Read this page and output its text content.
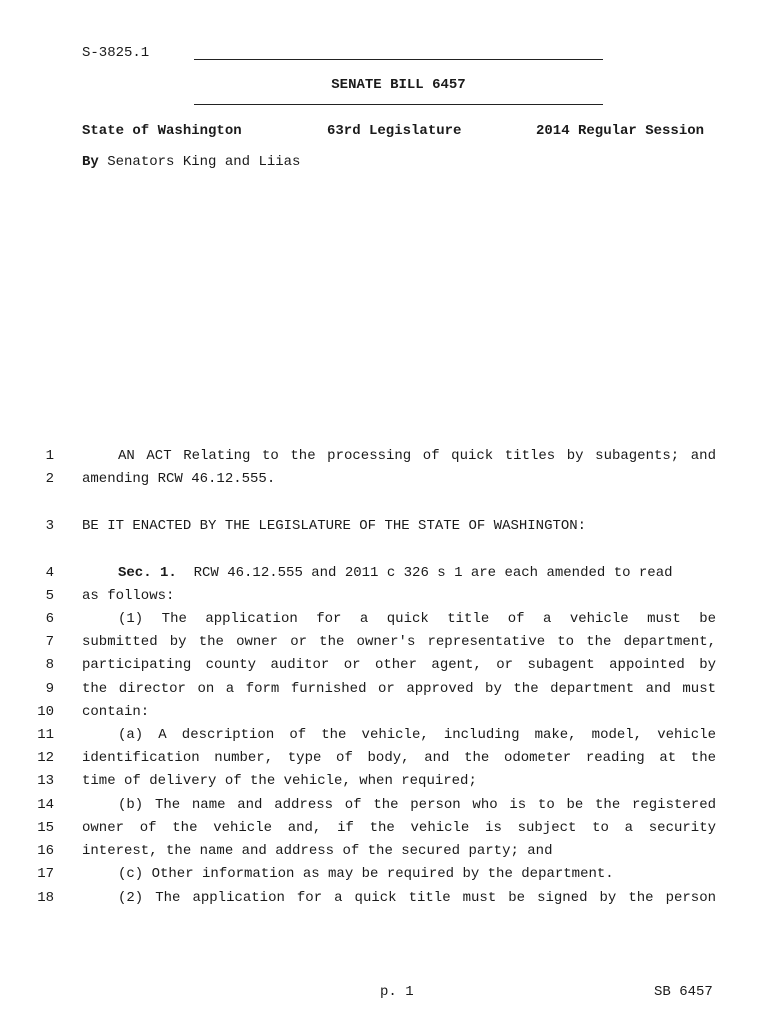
S-3825.1
SENATE BILL 6457
State of Washington	63rd Legislature	2014 Regular Session
By Senators King and Liias
1	AN ACT Relating to the processing of quick titles by subagents; and
2 amending RCW 46.12.555.
3 BE IT ENACTED BY THE LEGISLATURE OF THE STATE OF WASHINGTON:
4	Sec. 1. RCW 46.12.555 and 2011 c 326 s 1 are each amended to read
5 as follows:
6	(1) The application for a quick title of a vehicle must be
7 submitted by the owner or the owner's representative to the department,
8 participating county auditor or other agent, or subagent appointed by
9 the director on a form furnished or approved by the department and must
10 contain:
11	(a) A description of the vehicle, including make, model, vehicle
12 identification number, type of body, and the odometer reading at the
13 time of delivery of the vehicle, when required;
14	(b) The name and address of the person who is to be the registered
15 owner of the vehicle and, if the vehicle is subject to a security
16 interest, the name and address of the secured party; and
17	(c) Other information as may be required by the department.
18	(2) The application for a quick title must be signed by the person
p. 1	SB 6457
